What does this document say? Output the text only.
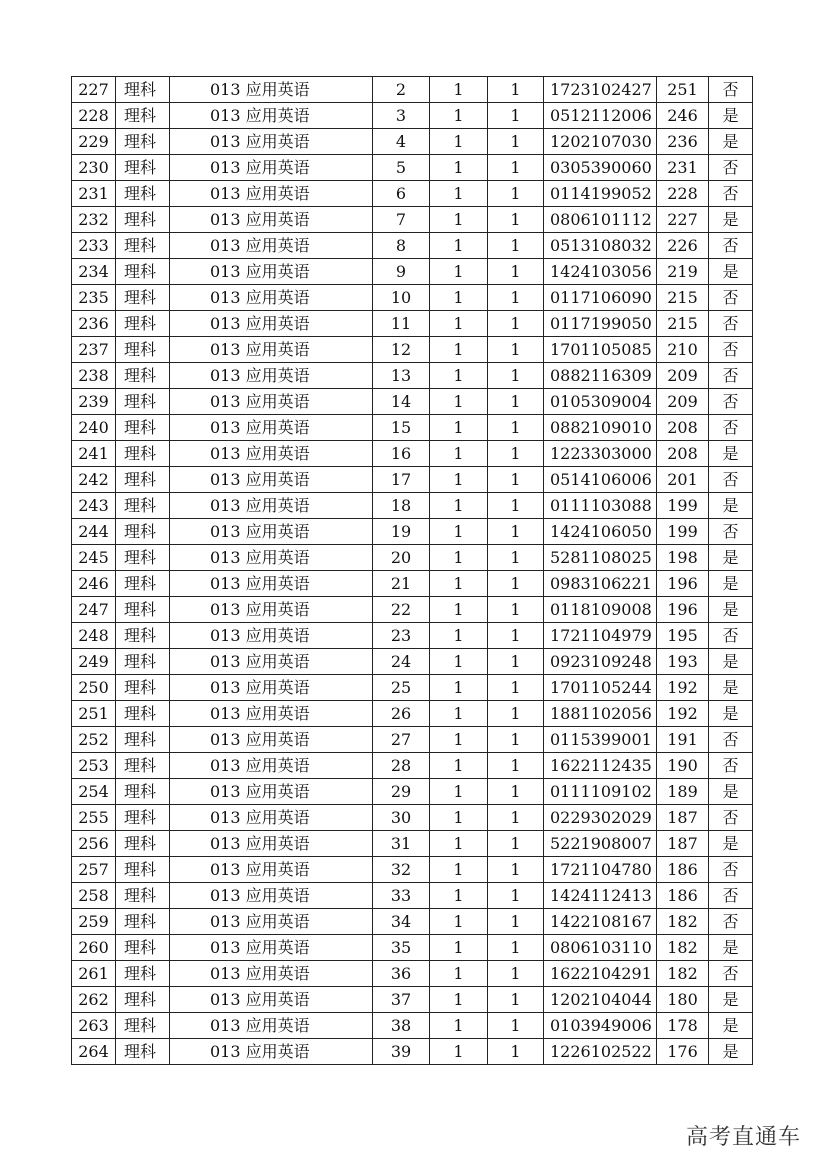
227	理科	013 应用英语	2	1	1	1723102427	251	否
228	理科	013 应用英语	3	1	1	0512112006	246	是
229	理科	013 应用英语	4	1	1	1202107030	236	是
230	理科	013 应用英语	5	1	1	0305390060	231	否
231	理科	013 应用英语	6	1	1	0114199052	228	否
232	理科	013 应用英语	7	1	1	0806101112	227	是
233	理科	013 应用英语	8	1	1	0513108032	226	否
234	理科	013 应用英语	9	1	1	1424103056	219	是
235	理科	013 应用英语	10	1	1	0117106090	215	否
236	理科	013 应用英语	11	1	1	0117199050	215	否
237	理科	013 应用英语	12	1	1	1701105085	210	否
238	理科	013 应用英语	13	1	1	0882116309	209	否
239	理科	013 应用英语	14	1	1	0105309004	209	否
240	理科	013 应用英语	15	1	1	0882109010	208	否
241	理科	013 应用英语	16	1	1	1223303000	208	是
242	理科	013 应用英语	17	1	1	0514106006	201	否
243	理科	013 应用英语	18	1	1	0111103088	199	是
244	理科	013 应用英语	19	1	1	1424106050	199	否
245	理科	013 应用英语	20	1	1	5281108025	198	是
246	理科	013 应用英语	21	1	1	0983106221	196	是
247	理科	013 应用英语	22	1	1	0118109008	196	是
248	理科	013 应用英语	23	1	1	1721104979	195	否
249	理科	013 应用英语	24	1	1	0923109248	193	是
250	理科	013 应用英语	25	1	1	1701105244	192	是
251	理科	013 应用英语	26	1	1	1881102056	192	是
252	理科	013 应用英语	27	1	1	0115399001	191	否
253	理科	013 应用英语	28	1	1	1622112435	190	否
254	理科	013 应用英语	29	1	1	0111109102	189	是
255	理科	013 应用英语	30	1	1	0229302029	187	否
256	理科	013 应用英语	31	1	1	5221908007	187	是
257	理科	013 应用英语	32	1	1	1721104780	186	否
258	理科	013 应用英语	33	1	1	1424112413	186	否
259	理科	013 应用英语	34	1	1	1422108167	182	否
260	理科	013 应用英语	35	1	1	0806103110	182	是
261	理科	013 应用英语	36	1	1	1622104291	182	否
262	理科	013 应用英语	37	1	1	1202104044	180	是
263	理科	013 应用英语	38	1	1	0103949006	178	是
264	理科	013 应用英语	39	1	1	1226102522	176	是
高考直通车
